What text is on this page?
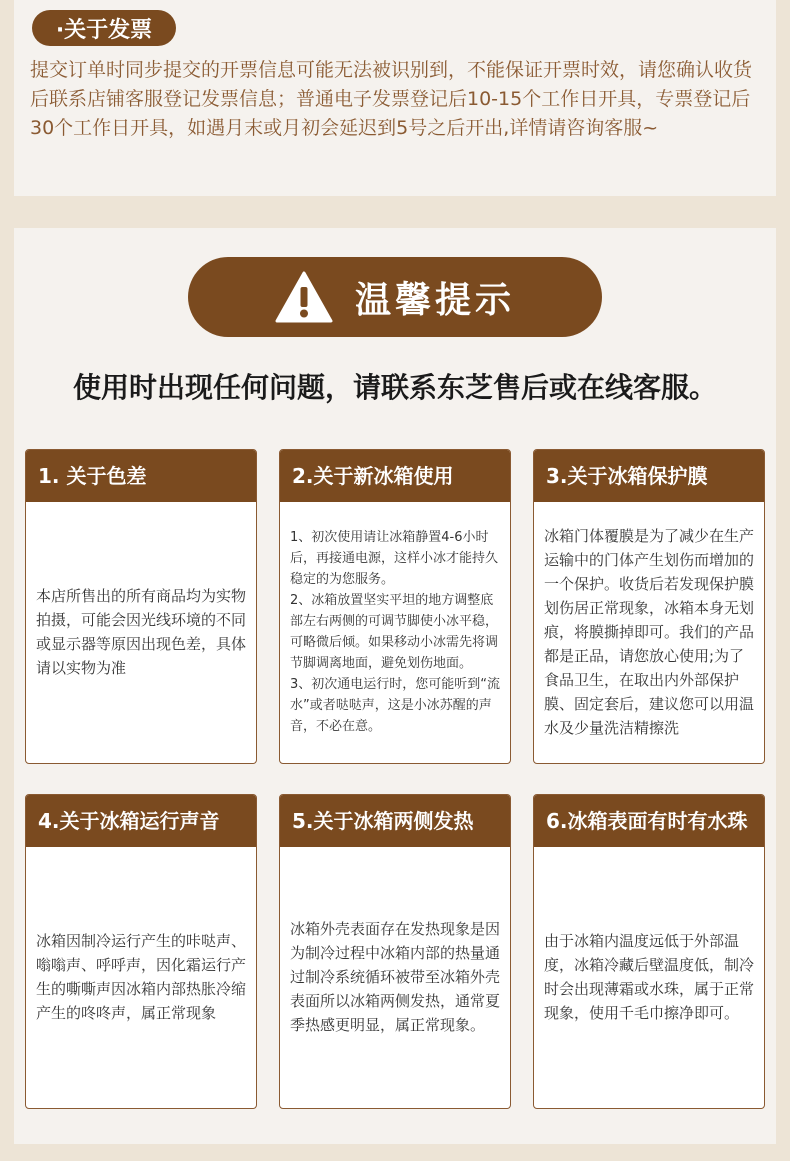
·关于发票

提交订单时同步提交的开票信息可能无法被识别到，不能保证开票时效，请您确认收货后联系店铺客服登记发票信息；普通电子发票登记后10-15个工作日开具，专票登记后30个工作日开具，如遇月末或月初会延迟到5号之后开出,详情请咨询客服~

温馨提示

使用时出现任何问题，请联系东芝售后或在线客服。

1. 关于色差

本店所售出的所有商品均为实物拍摄，可能会因光线环境的不同或显示器等原因出现色差，具体请以实物为准

2.关于新冰箱使用

1、初次使用请让冰箱静置4-6小时后，再接通电源，这样小冰才能持久稳定的为您服务。
2、冰箱放置坚实平坦的地方调整底部左右两侧的可调节脚使小冰平稳，可略微后倾。如果移动小冰需先将调节脚调离地面，避免划伤地面。
3、初次通电运行时，您可能听到“流水”或者哒哒声，这是小冰苏醒的声音，不必在意。

3.关于冰箱保护膜

冰箱门体覆膜是为了减少在生产运输中的门体产生划伤而增加的一个保护。收货后若发现保护膜划伤居正常现象，冰箱本身无划痕，将膜撕掉即可。我们的产品都是正品，请您放心使用;为了食品卫生，在取出内外部保护膜、固定套后，建议您可以用温水及少量洗洁精擦洗

4.关于冰箱运行声音

冰箱因制冷运行产生的咔哒声、嗡嗡声、呼呼声，因化霜运行产生的嘶嘶声因冰箱内部热胀冷缩产生的咚咚声，属正常现象

5.关于冰箱两侧发热

冰箱外壳表面存在发热现象是因为制冷过程中冰箱内部的热量通过制冷系统循环被带至冰箱外壳表面所以冰箱两侧发热，通常夏季热感更明显，属正常现象。

6.冰箱表面有时有水珠

由于冰箱内温度远低于外部温度，冰箱冷藏后壁温度低，制冷时会出现薄霜或水珠，属于正常现象，使用千毛巾擦净即可。
